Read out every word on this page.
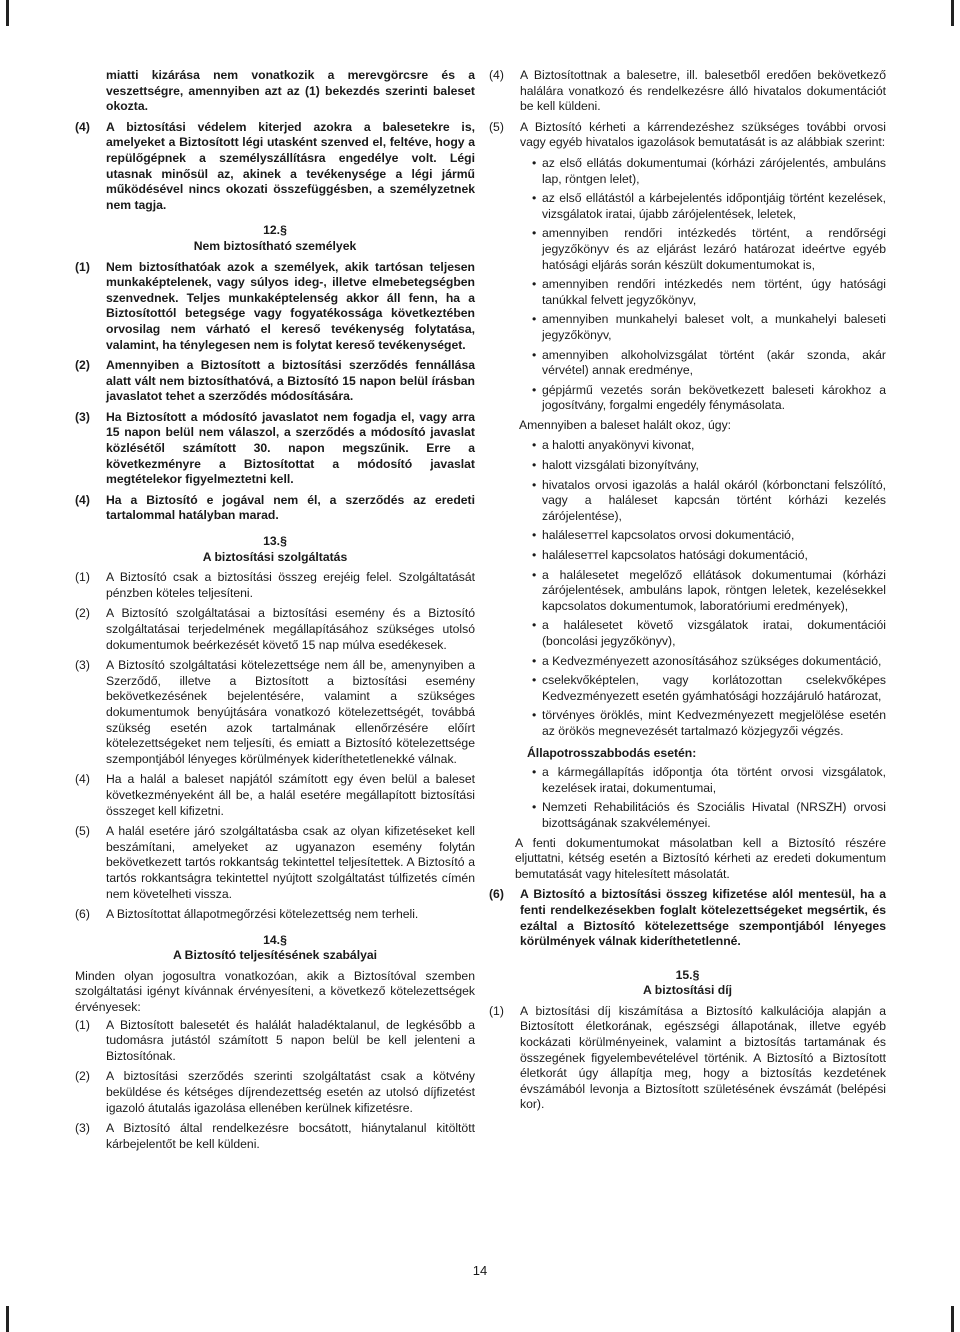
miatti kizárása nem vonatkozik a merevgörcsre és a veszettségre, amennyiben azt az (1) bekezdés szerinti baleset okozta.

(4) A biztosítási védelem kiterjed azokra a balesetekre is, amelyeket a Biztosított légi utasként szenved el, feltéve, hogy a repülőgépnek a személyszállításra engedélye volt. Légi utasnak minősül az, akinek a tevékenysége a légi jármű működésével nincs okozati összefüggésben, a személyzetnek nem tagja.
12.§
Nem biztosítható személyek
(1) Nem biztosíthatóak azok a személyek, akik tartósan teljesen munkaképtelenek, vagy súlyos ideg-, illetve elmebetegségben szenvednek. Teljes munkaképtelenség akkor áll fenn, ha a Biztosítottól betegsége vagy fogyatékossága következtében orvosilag nem várható el kereső tevékenység folytatása, valamint, ha ténylegesen nem is folytat kereső tevékenységet.
(2) Amennyiben a Biztosított a biztosítási szerződés fennállása alatt vált nem biztosíthatóvá, a Biztosító 15 napon belül írásban javaslatot tehet a szerződés módosítására.
(3) Ha Biztosított a módosító javaslatot nem fogadja el, vagy arra 15 napon belül nem válaszol, a szerződés a módosító javaslat közlésétől számított 30. napon megszűnik. Erre a következményre a Biztosítottat a módosító javaslat megtételekor figyelmeztetni kell.
(4) Ha a Biztosító e jogával nem él, a szerződés az eredeti tartalommal hatályban marad.
13.§
A biztosítási szolgáltatás
(1) A Biztosító csak a biztosítási összeg erejéig felel. Szolgáltatását pénzben köteles teljesíteni.
(2) A Biztosító szolgáltatásai a biztosítási esemény és a Biztosító szolgáltatásai terjedelmének megállapításához szükséges utolsó dokumentumok beérkezését követő 15 nap múlva esedékesek.
(3) A Biztosító szolgáltatási kötelezettsége nem áll be, amenynyiben a Szerződő, illetve a Biztosított a biztosítási esemény bekövetkezésének bejelentésére, valamint a szükséges dokumentumok benyújtására vonatkozó kötelezettségét, továbbá szükség esetén azok tartalmának ellenőrzésére előírt kötelezettségeket nem teljesíti, és emiatt a Biztosító kötelezettsége szempontjából lényeges körülmények kideríthetetlenekké válnak.
(4) Ha a halál a baleset napjától számított egy éven belül a baleset következményeként áll be, a halál esetére megállapított biztosítási összeget kell kifizetni.
(5) A halál esetére járó szolgáltatásba csak az olyan kifizetéseket kell beszámítani, amelyeket az ugyanazon esemény folytán bekövetkezett tartós rokkantság tekintettel teljesítettek. A Biztosító a tartós rokkantságra tekintettel nyújtott szolgáltatást túlfizetés címén nem követelheti vissza.
(6) A Biztosítottat állapotmegőrzési kötelezettség nem terheli.
14.§
A Biztosító teljesítésének szabályai

Minden olyan jogosultra vonatkozóan, akik a Biztosítóval szemben szolgáltatási igényt kívánnak érvényesíteni, a következő kötelezettségek érvényesek:

(1) A Biztosított balesetét és halálát haladéktalanul, de legkésőbb a tudomásra jutástól számított 5 napon belül be kell jelenteni a Biztosítónak.
(2) A biztosítási szerződés szerinti szolgáltatást csak a kötvény beküldése és kétséges díjrendezettség esetén az utolsó díjfizetést igazoló átutalás igazolása ellenében kerülnek kifizetésre.
(3) A Biztosító által rendelkezésre bocsátott, hiánytalanul kitöltött kárbejelentőt be kell küldeni.
(4) A Biztosítottnak a balesetre, ill. balesetből eredően bekövetkező halálára vonatkozó és rendelkezésre álló hivatalos dokumentációt be kell küldeni.
(5) A Biztosító kérheti a kárrendezéshez szükséges további orvosi vagy egyéb hivatalos igazolások bemutatását is az alábbiak szerint:
• az első ellátás dokumentumai (kórházi zárójelentés, ambuláns lap, röntgen lelet),
• az első ellátástól a kárbejelentés időpontjáig történt kezelések, vizsgálatok iratai, újabb zárójelentések, leletek,
• amennyiben rendőri intézkedés történt, a rendőrségi jegyzőkönyv és az eljárást lezáró határozat ideértve egyéb hatósági eljárás során készült dokumentumokat is,
• amennyiben rendőri intézkedés nem történt, úgy hatósági tanúkkal felvett jegyzőkönyv,
• amennyiben munkahelyi baleset volt, a munkahelyi baleseti jegyzőkönyv,
• amennyiben alkoholvizsgálat történt (akár szonda, akár vérvétel) annak eredménye,
• gépjármű vezetés során bekövetkezett baleseti károkhoz a jogosítvány, forgalmi engedély fénymásolata.

Amennyiben a baleset halált okoz, úgy:

• a halotti anyakönyvi kivonat,
• halott vizsgálati bizonyítvány,
• hivatalos orvosi igazolás a halál okáról (kórbonctani felszólító, vagy a haláleset kapcsán történt kórházi kezelés zárójelentése),
• haláleseттel kapcsolatos orvosi dokumentáció,
• haláleseттel kapcsolatos hatósági dokumentáció,
• a halálesetet megelőző ellátások dokumentumai (kórházi zárójelentések, ambuláns lapok, röntgen leletek, kezelésekkel kapcsolatos dokumentumok, laboratóriumi eredmények),
• a halálesetet követő vizsgálatok iratai, dokumentációi (boncolási jegyzőkönyv),
• a Kedvezményezett azonosításához szükséges dokumentáció,
• cselekvőképtelen, vagy korlátozottan cselekvőképes Kedvezményezett esetén gyámhatósági hozzájáruló határozat,
• törvényes öröklés, mint Kedvezményezett megjelölése esetén az örökös megnevezését tartalmazó közjegyzői végzés.
Állapotrosszabbodás esetén:
• a kármegállapítás időpontja óta történt orvosi vizsgálatok, kezelések iratai, dokumentumai,
• Nemzeti Rehabilitációs és Szociális Hivatal (NRSZH) orvosi bizottságának szakvéleményei.

A fenti dokumentumokat másolatban kell a Biztosító részére eljuttatni, kétség esetén a Biztosító kérheti az eredeti dokumentum bemutatását vagy hitelesített másolatát.

(6) A Biztosító a biztosítási összeg kifizetése alól mentesül, ha a fenti rendelkezésekben foglalt kötelezettségeket megsértik, és ezáltal a Biztosító kötelezettsége szempontjából lényeges körülmények válnak kideríthetetlenné.
15.§
A biztosítási díj
(1) A biztosítási díj kiszámítása a Biztosító kalkulációja alapján a Biztosított életkorának, egészségi állapotának, illetve egyéb kockázati körülményeinek, valamint a biztosítás tartamának és összegének figyelembevételével történik. A Biztosító a Biztosított életkorát úgy állapítja meg, hogy a biztosítás kezdetének évszámából levonja a Biztosított születésének évszámát (belépési kor).
14
